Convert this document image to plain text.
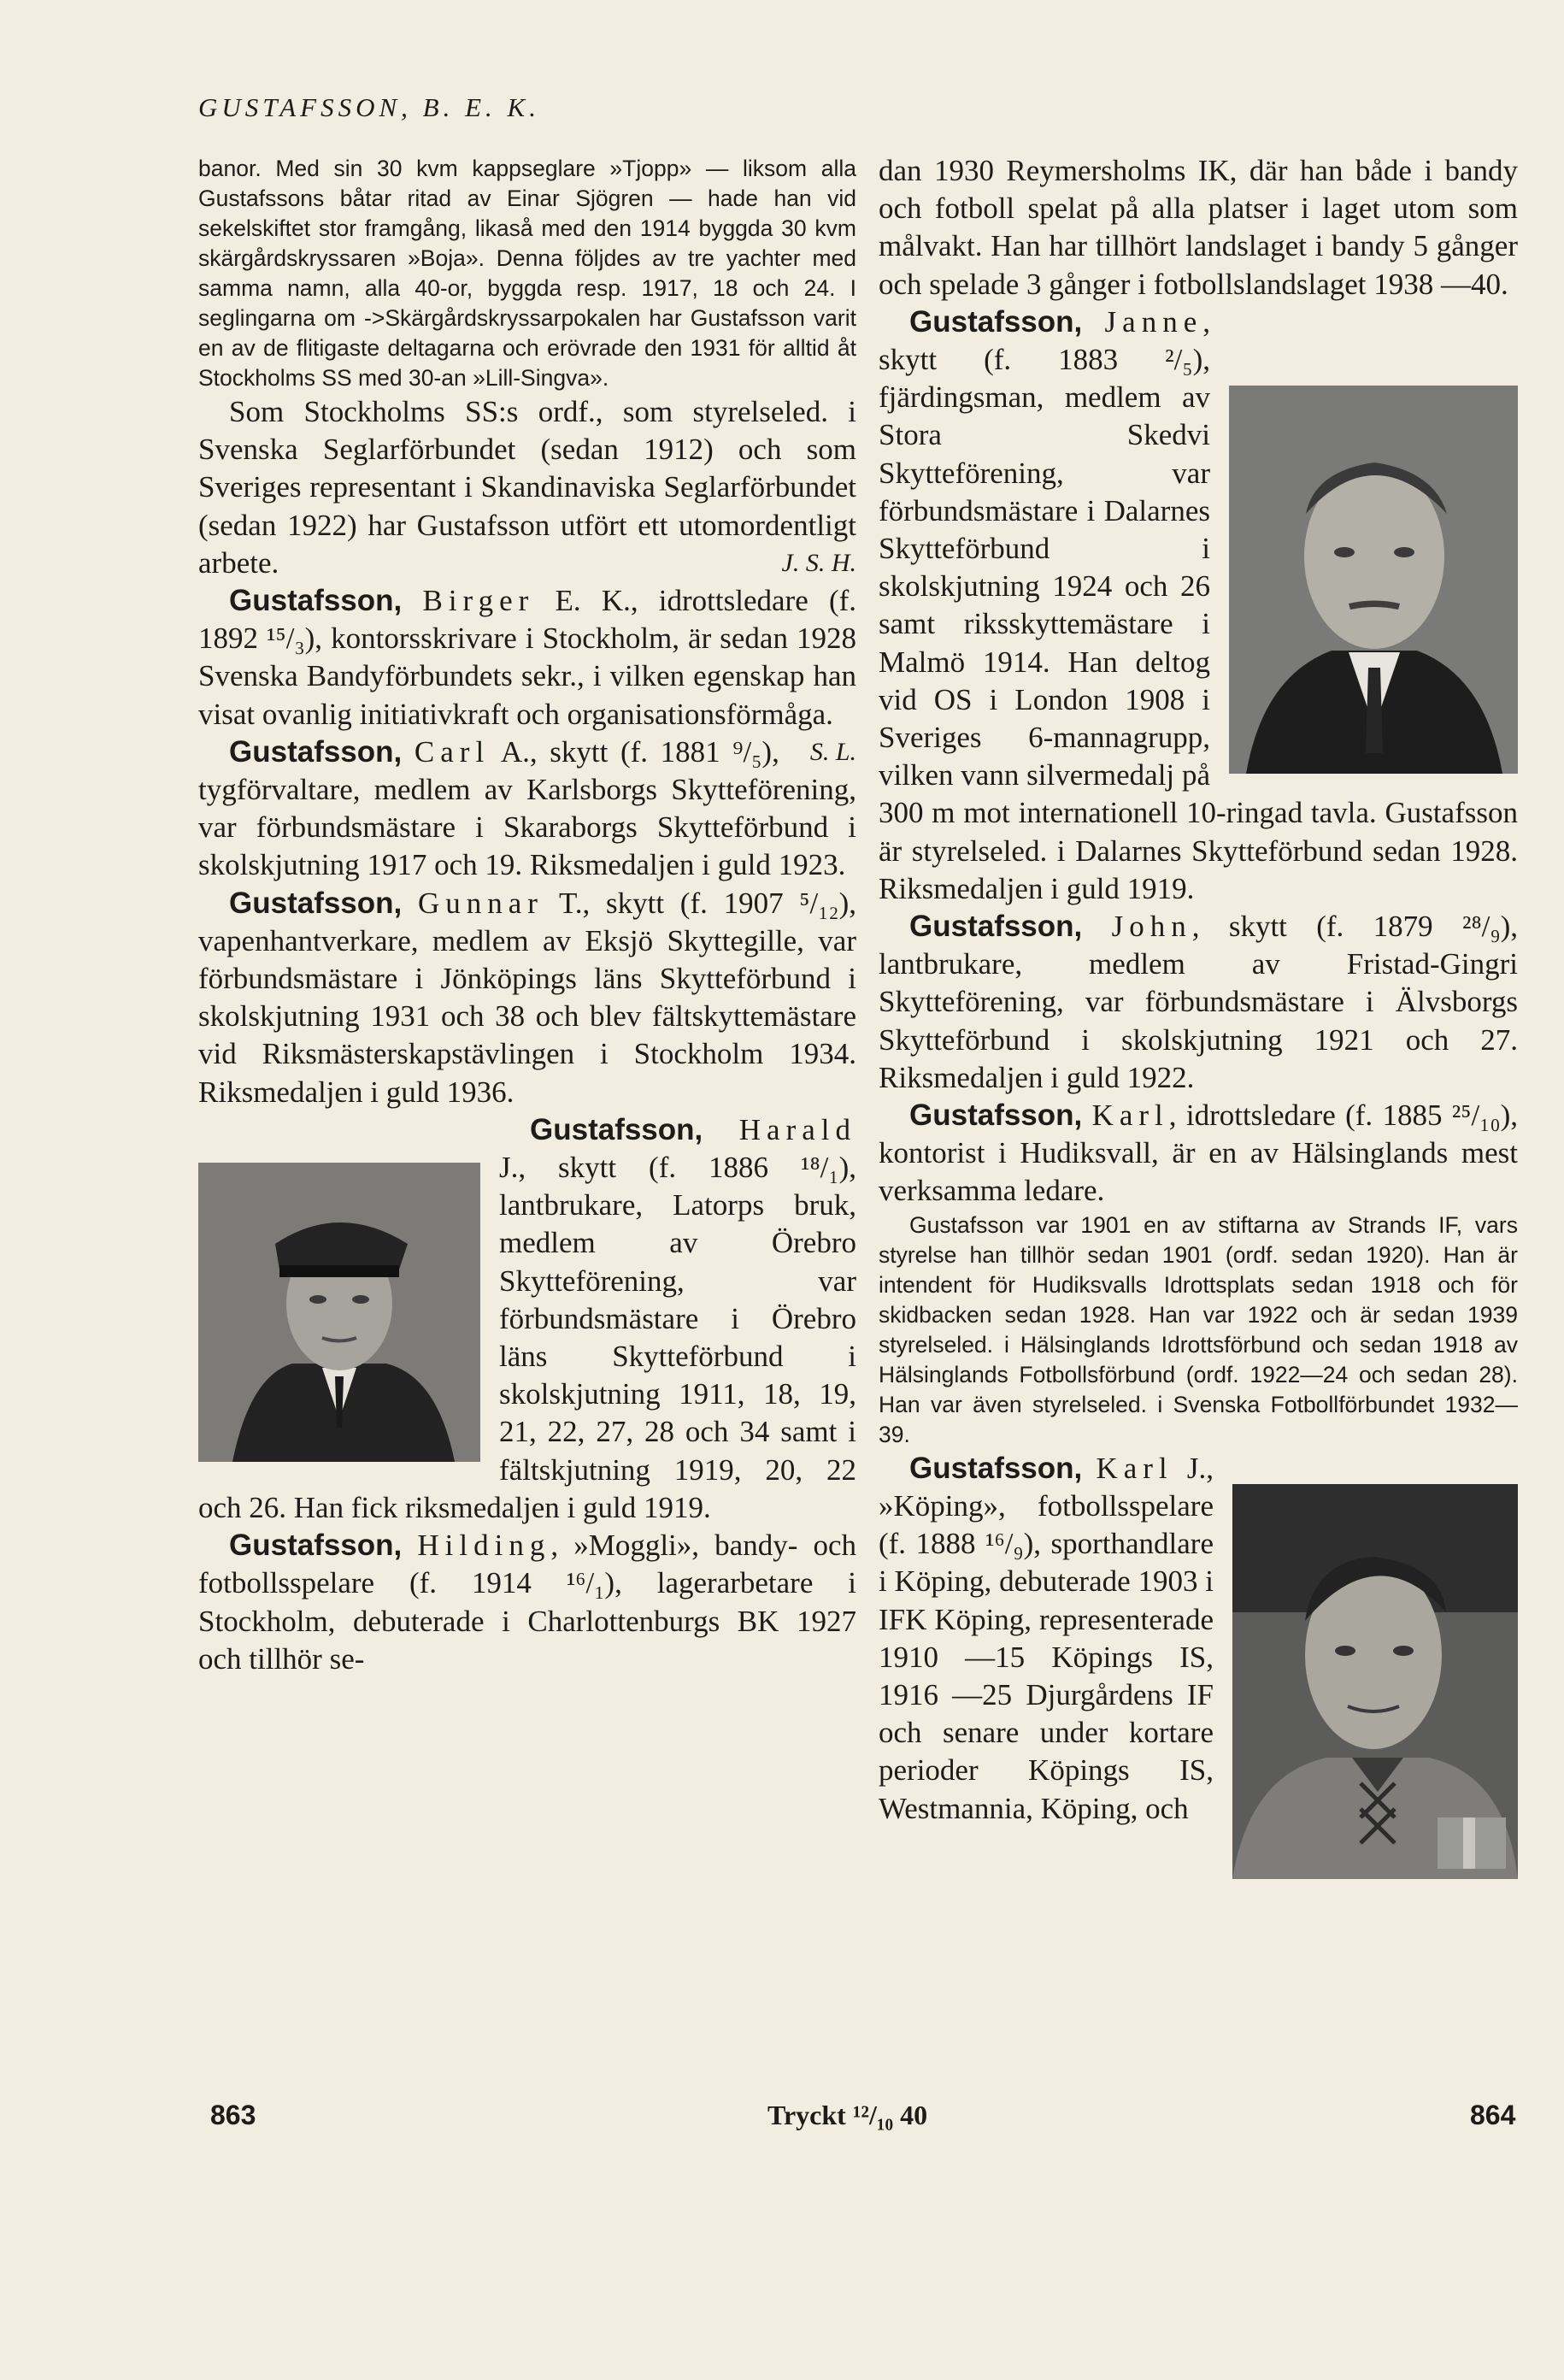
GUSTAFSSON, B. E. K.

banor. Med sin 30 kvm kappseglare »Tjopp» — liksom alla Gustafssons båtar ritad av Einar Sjögren — hade han vid sekelskiftet stor framgång, likaså med den 1914 byggda 30 kvm skärgårdskryssaren »Boja». Denna följdes av tre yachter med samma namn, alla 40-or, byggda resp. 1917, 18 och 24. I seglingarna om ->Skärgårdskryssarpokalen har Gustafsson varit en av de flitigaste deltagarna och erövrade den 1931 för alltid åt Stockholms SS med 30-an »Lill-Singva».

Som Stockholms SS:s ordf., som styrelseled. i Svenska Seglarförbundet (sedan 1912) och som Sveriges representant i Skandinaviska Seglarförbundet (sedan 1922) har Gustafsson utfört ett utomordentligt arbete.	J. S. H.

Gustafsson, Birger E. K., idrottsledare (f. 1892 ¹⁵/₃), kontorsskrivare i Stockholm, är sedan 1928 Svenska Bandyförbundets sekr., i vilken egenskap han visat ovanlig initiativkraft och organisationsförmåga.
S. L.

Gustafsson, Carl A., skytt (f. 1881 ⁹/₅), tygförvaltare, medlem av Karlsborgs Skytteförening, var förbundsmästare i Skaraborgs Skytteförbund i skolskjutning 1917 och 19. Riksmedaljen i guld 1923.

Gustafsson, Gunnar T., skytt (f. 1907 ⁵/₁₂), vapenhantverkare, medlem av Eksjö Skyttegille, var förbundsmästare i Jönköpings läns Skytteförbund i skolskjutning 1931 och 38 och blev fältskyttemästare vid Riksmästerskapstävlingen i Stockholm 1934. Riksmedaljen i guld 1936.

Gustafsson, Harald J., skytt (f. 1886 ¹⁸/₁), lantbrukare, Latorps bruk, medlem av Örebro Skytteförening, var förbundsmästare i Örebro läns Skytteförbund i skolskjutning 1911, 18, 19, 21, 22, 27, 28 och 34 samt i fältskjutning 1919, 20, 22 och 26. Han fick riksmedaljen i guld 1919.

Gustafsson, Hilding, »Moggli», bandy- och fotbollsspelare (f. 1914 ¹⁶/₁), lagerarbetare i Stockholm, debuterade i Charlottenburgs BK 1927 och tillhör se-

dan 1930 Reymersholms IK, där han både i bandy och fotboll spelat på alla platser i laget utom som målvakt. Han har tillhört landslaget i bandy 5 gånger och spelade 3 gånger i fotbollslandslaget 1938 —40.

Gustafsson, Janne, skytt (f. 1883 ²/₅), fjärdingsman, medlem av Stora Skedvi Skytteförening, var förbundsmästare i Dalarnes Skytteförbund i skolskjutning 1924 och 26 samt riksskyttemästare i Malmö 1914. Han deltog vid OS i London 1908 i Sveriges 6-mannagrupp, vilken vann silvermedalj på 300 m mot internationell 10-ringad tavla. Gustafsson är styrelseled. i Dalarnes Skytteförbund sedan 1928. Riksmedaljen i guld 1919.

Gustafsson, John, skytt (f. 1879 ²⁸/₉), lantbrukare, medlem av Fristad-Gingri Skytteförening, var förbundsmästare i Älvsborgs Skytteförbund i skolskjutning 1921 och 27. Riksmedaljen i guld 1922.

Gustafsson, Karl, idrottsledare (f. 1885 ²⁵/₁₀), kontorist i Hudiksvall, är en av Hälsinglands mest verksamma ledare.

Gustafsson var 1901 en av stiftarna av Strands IF, vars styrelse han tillhör sedan 1901 (ordf. sedan 1920). Han är intendent för Hudiksvalls Idrottsplats sedan 1918 och för skidbacken sedan 1928. Han var 1922 och är sedan 1939 styrelseled. i Hälsinglands Idrottsförbund och sedan 1918 av Hälsinglands Fotbollsförbund (ordf. 1922—24 och sedan 28). Han var även styrelseled. i Svenska Fotbollförbundet 1932—39.

Gustafsson, Karl J., »Köping», fotbollsspelare (f. 1888 ¹⁶/₉), sporthandlare i Köping, debuterade 1903 i IFK Köping, representerade 1910 —15 Köpings IS, 1916 —25 Djurgårdens IF och senare under kortare perioder Köpings IS, Westmannia, Köping, och

863	Tryckt ¹²/₁₀ 40	864
